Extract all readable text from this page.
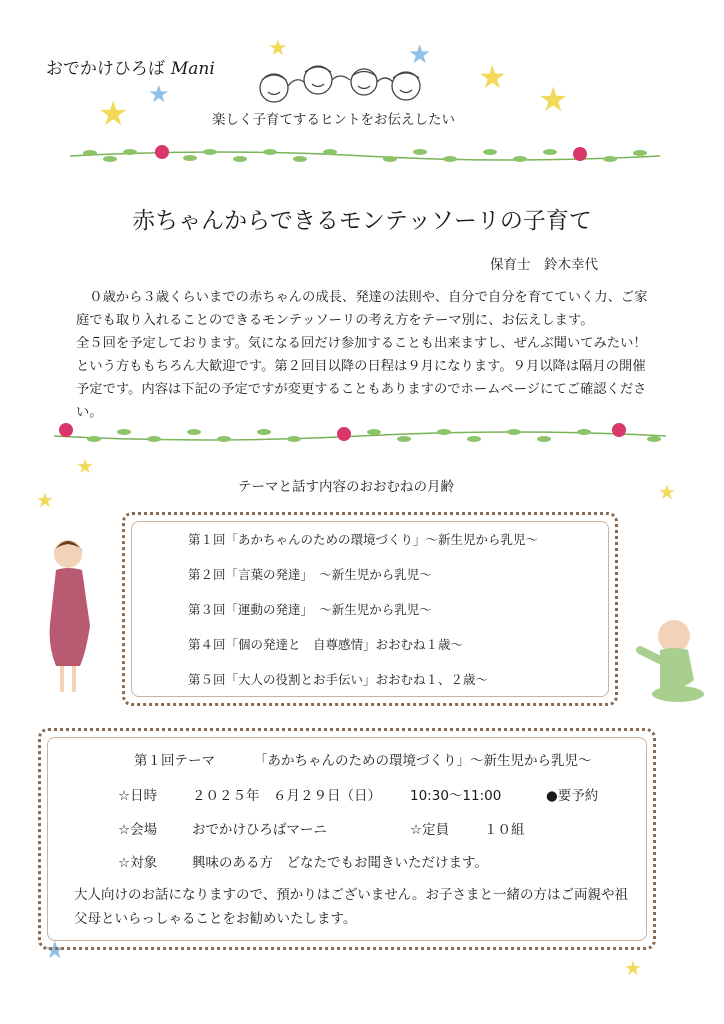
おでかけひろば Mani
★	★
★
★
★ ★
★
★	★
★
★
楽しく子育てするヒントをお伝えしたい
赤ちゃんからできるモンテッソーリの子育て
保育士　鈴木幸代

０歳から３歳くらいまでの赤ちゃんの成長、発達の法則や、自分で自分を育てていく力、ご家庭でも取り入れることのできるモンテッソーリの考え方をテーマ別に、お伝えします。

全５回を予定しております。気になる回だけ参加することも出来ますし、ぜんぶ聞いてみたい！という方ももちろん大歓迎です。第２回目以降の日程は９月になります。９月以降は隔月の開催予定です。内容は下記の予定ですが変更することもありますのでホームページにてご確認ください。

テーマと話す内容のおおむねの月齢
第１回「あかちゃんのための環境づくり」～新生児から乳児～
第２回「言葉の発達」　～新生児から乳児～
第３回「運動の発達」　～新生児から乳児～
第４回「個の発達と　自尊感情」おおむね１歳～
第５回「大人の役割とお手伝い」おおむね１、２歳～
第１回テーマ	「あかちゃんのための環境づくり」～新生児から乳児～
☆日時	２０２５年　６月２９日（日） 10:30～11:00	●要予約
☆会場	おでかけひろばマーニ	☆定員	１０組
☆対象	興味のある方　どなたでもお聞きいただけます。
大人向けのお話になりますので、預かりはございません。お子さまと一緒の方はご両親や祖父母といらっしゃることをお勧めいたします。
